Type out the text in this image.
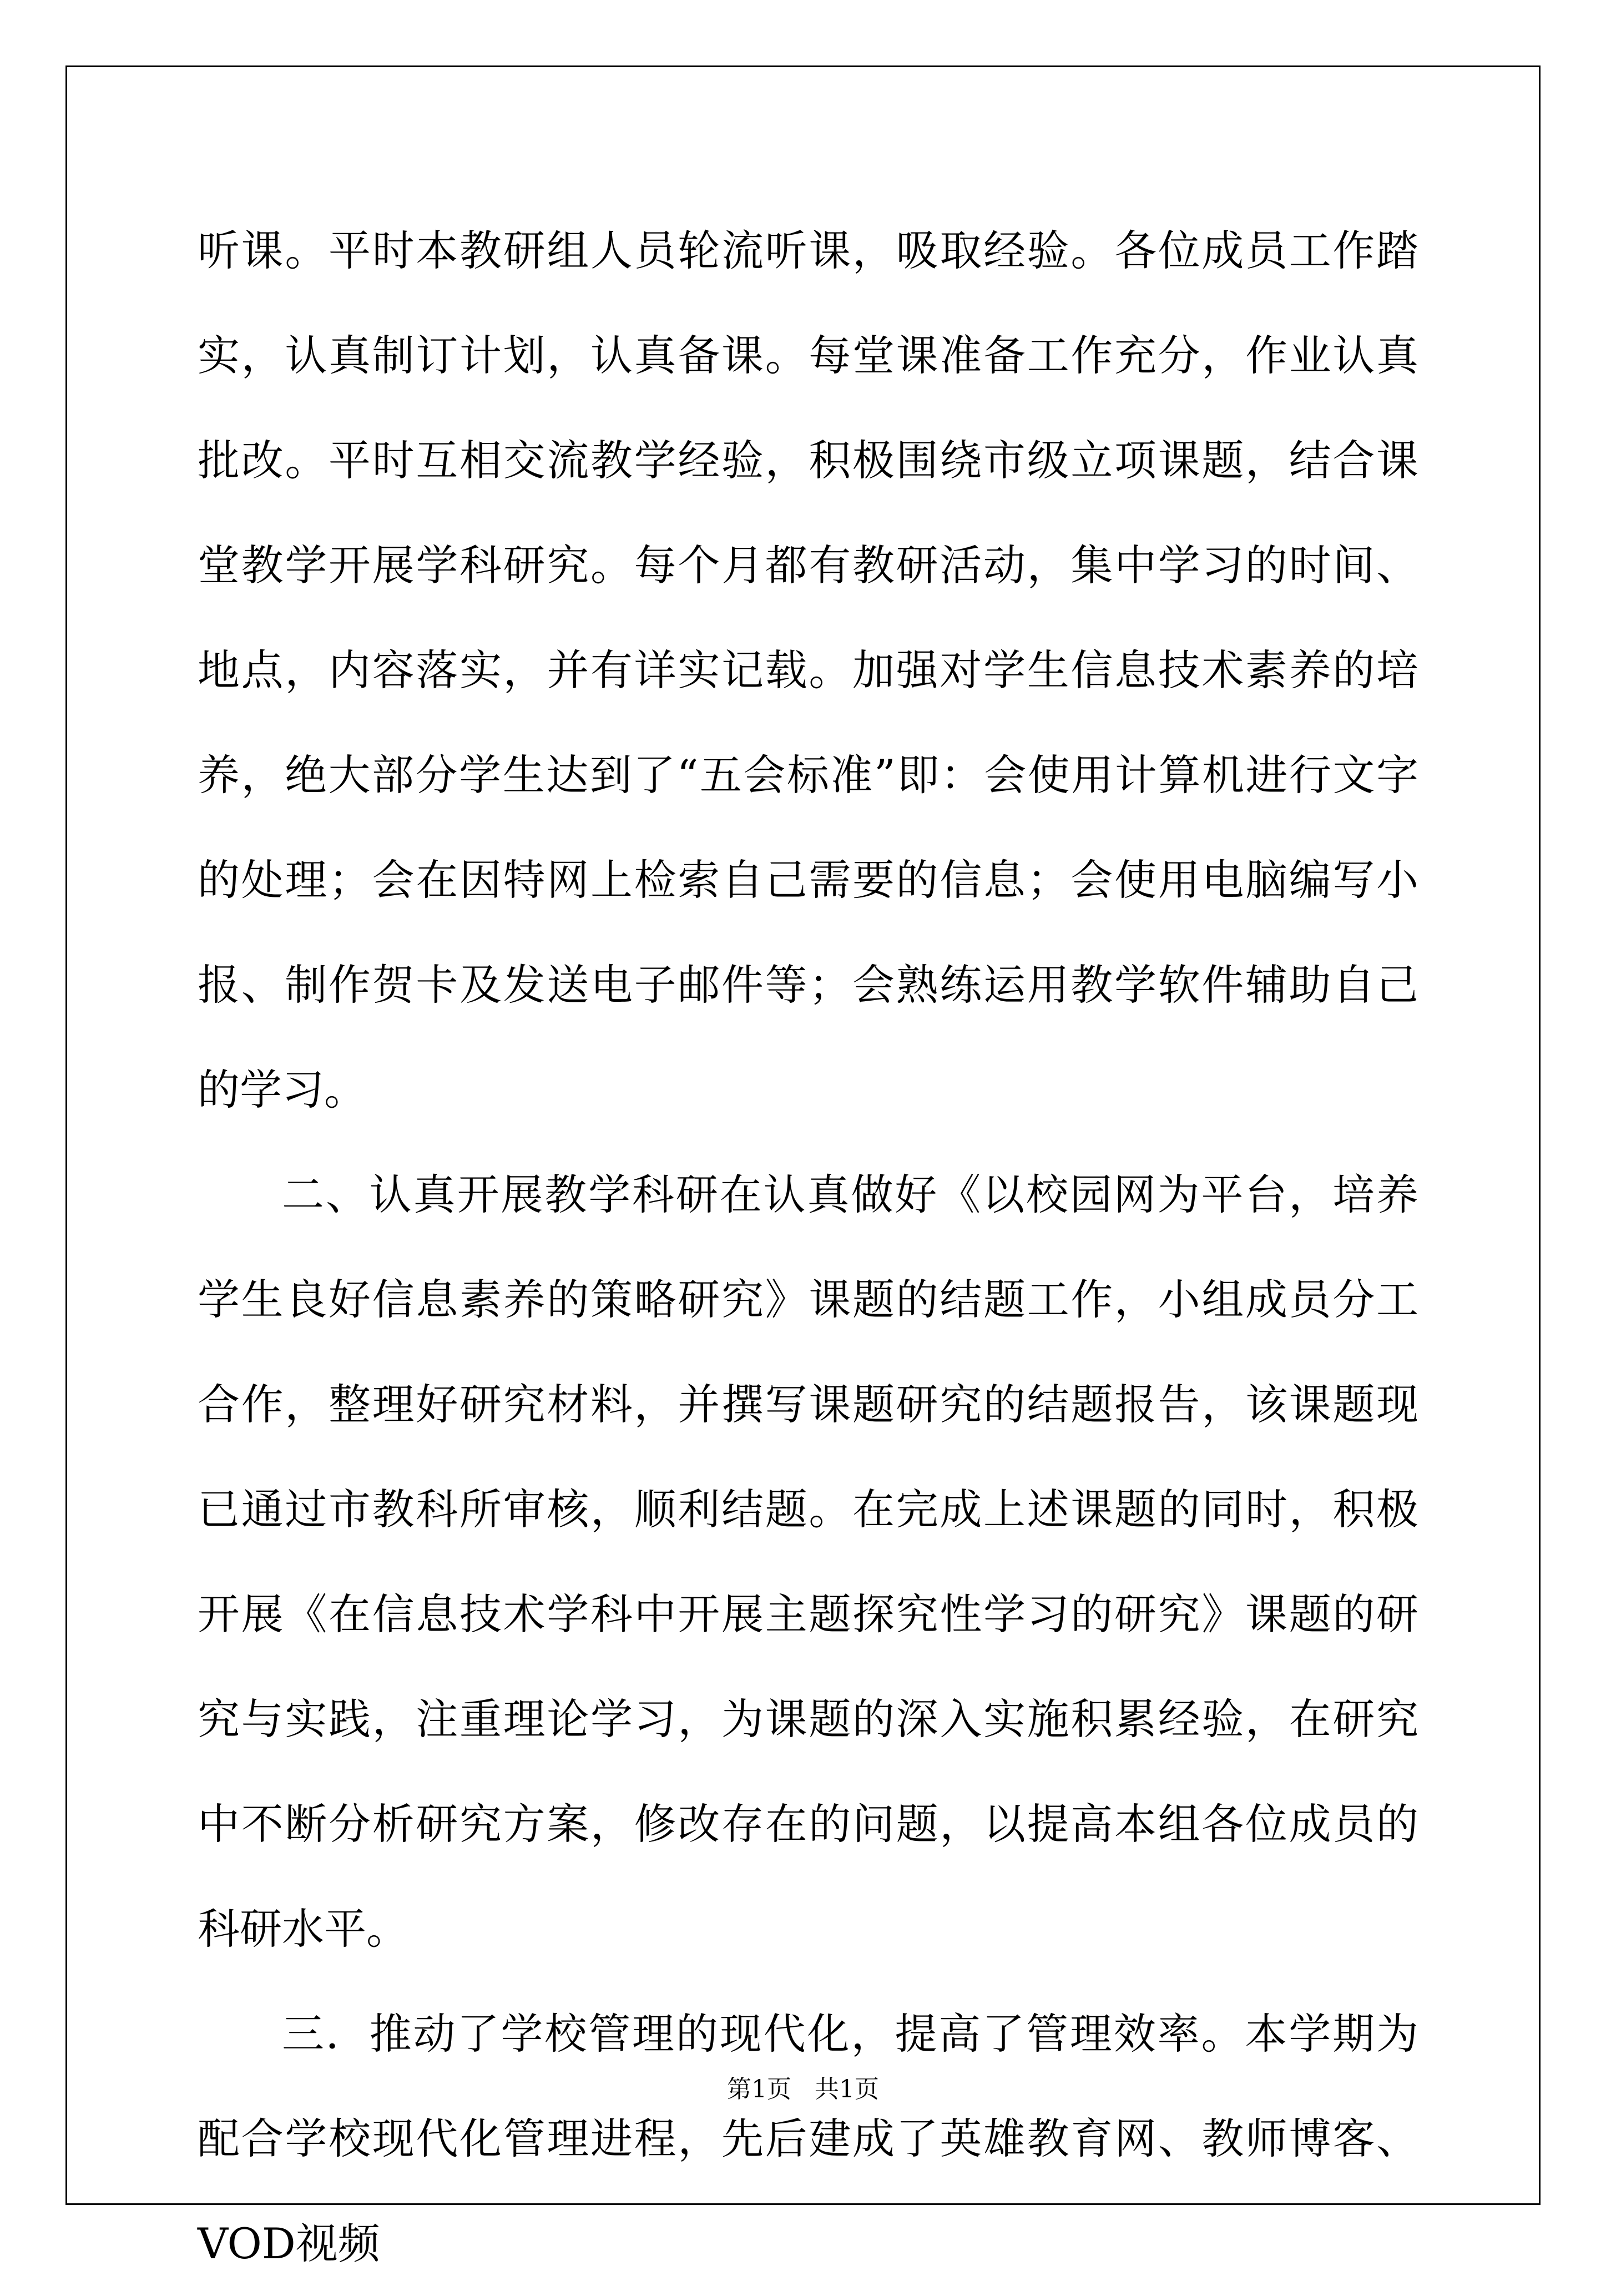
听课。平时本教研组人员轮流听课，吸取经验。各位成员工作踏实，认真制订计划，认真备课。每堂课准备工作充分，作业认真批改。平时互相交流教学经验，积极围绕市级立项课题，结合课堂教学开展学科研究。每个月都有教研活动，集中学习的时间、地点，内容落实，并有详实记载。加强对学生信息技术素养的培养，绝大部分学生达到了“五会标准”即：会使用计算机进行文字的处理；会在因特网上检索自己需要的信息；会使用电脑编写小报、制作贺卡及发送电子邮件等；会熟练运用教学软件辅助自己的学习。

二、认真开展教学科研在认真做好《以校园网为平台，培养学生良好信息素养的策略研究》课题的结题工作，小组成员分工合作，整理好研究材料，并撰写课题研究的结题报告，该课题现已通过市教科所审核，顺利结题。在完成上述课题的同时，积极开展《在信息技术学科中开展主题探究性学习的研究》课题的研究与实践，注重理论学习，为课题的深入实施积累经验，在研究中不断分析研究方案，修改存在的问题，以提高本组各位成员的科研水平。

三．推动了学校管理的现代化，提高了管理效率。本学期为配合学校现代化管理进程，先后建成了英雄教育网、教师博客、VOD视频

第1页   共1页
